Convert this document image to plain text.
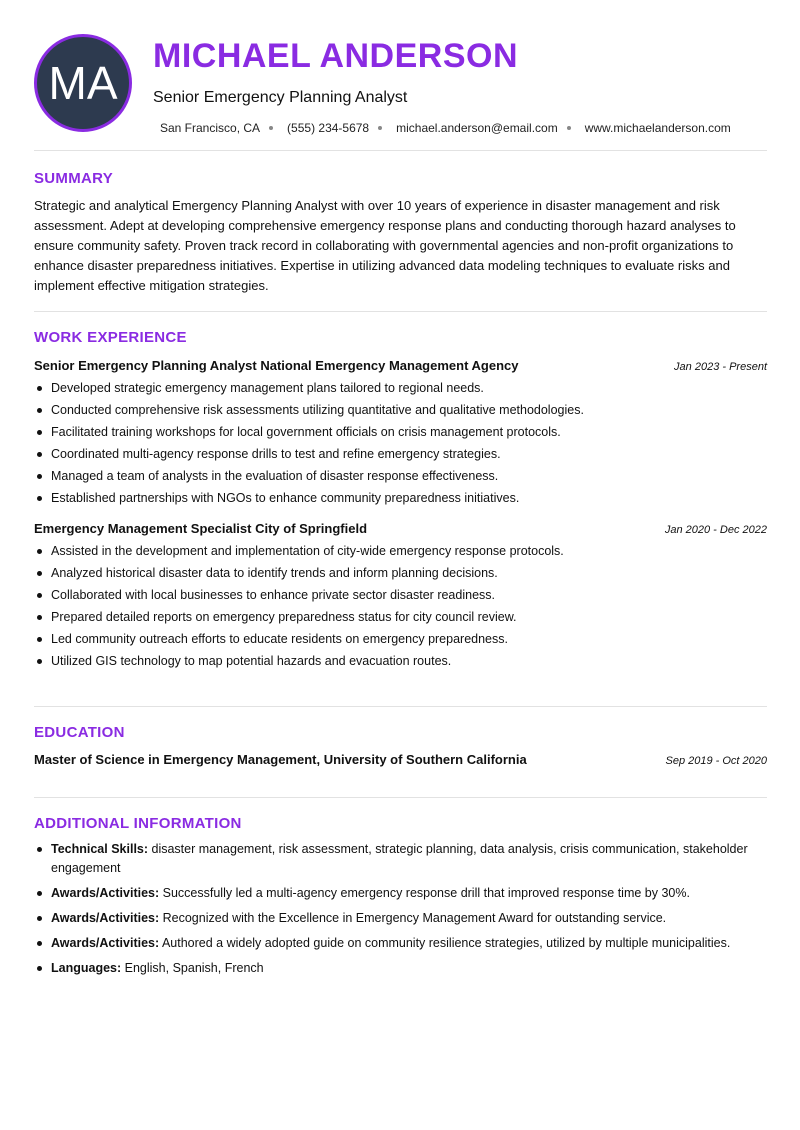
MA
MICHAEL ANDERSON
Senior Emergency Planning Analyst
San Francisco, CA (555) 234-5678 michael.anderson@email.com www.michaelanderson.com
SUMMARY

Strategic and analytical Emergency Planning Analyst with over 10 years of experience in disaster management and risk assessment. Adept at developing comprehensive emergency response plans and conducting thorough hazard analyses to ensure community safety. Proven track record in collaborating with governmental agencies and non-profit organizations to enhance disaster preparedness initiatives. Expertise in utilizing advanced data modeling techniques to evaluate risks and implement effective mitigation strategies.

WORK EXPERIENCE
Senior Emergency Planning Analyst National Emergency Management Agency	Jan 2023 - Present
Developed strategic emergency management plans tailored to regional needs.
Conducted comprehensive risk assessments utilizing quantitative and qualitative methodologies.
Facilitated training workshops for local government officials on crisis management protocols.
Coordinated multi-agency response drills to test and refine emergency strategies.
Managed a team of analysts in the evaluation of disaster response effectiveness.
Established partnerships with NGOs to enhance community preparedness initiatives.
Emergency Management Specialist City of Springfield	Jan 2020 - Dec 2022
Assisted in the development and implementation of city-wide emergency response protocols.
Analyzed historical disaster data to identify trends and inform planning decisions.
Collaborated with local businesses to enhance private sector disaster readiness.
Prepared detailed reports on emergency preparedness status for city council review.
Led community outreach efforts to educate residents on emergency preparedness.
Utilized GIS technology to map potential hazards and evacuation routes.
EDUCATION
Master of Science in Emergency Management, University of Southern California	Sep 2019 - Oct 2020
ADDITIONAL INFORMATION
Technical Skills: disaster management, risk assessment, strategic planning, data analysis, crisis communication, stakeholder engagement
Awards/Activities: Successfully led a multi-agency emergency response drill that improved response time by 30%.
Awards/Activities: Recognized with the Excellence in Emergency Management Award for outstanding service.
Awards/Activities: Authored a widely adopted guide on community resilience strategies, utilized by multiple municipalities.
Languages: English, Spanish, French
